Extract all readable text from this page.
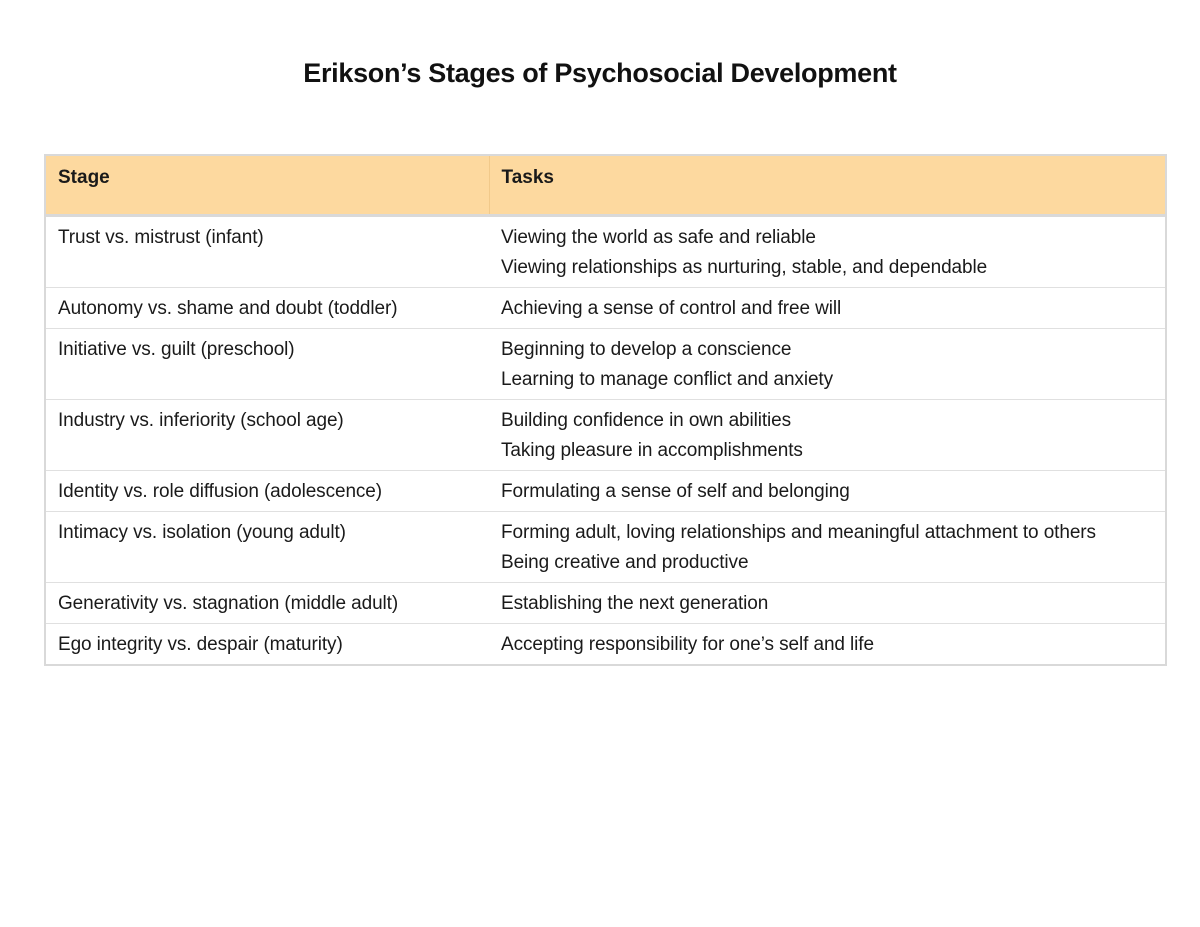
Erikson’s Stages of Psychosocial Development
Stage	Tasks
Trust vs. mistrust (infant)	Viewing the world as safe and reliable
Viewing relationships as nurturing, stable, and dependable

Autonomy vs. shame and doubt (toddler)	Achieving a sense of control and free will

Initiative vs. guilt (preschool)	Beginning to develop a conscience
Learning to manage conflict and anxiety

Industry vs. inferiority (school age)	Building confidence in own abilities
Taking pleasure in accomplishments

Identity vs. role diffusion (adolescence)	Formulating a sense of self and belonging

Intimacy vs. isolation (young adult)	Forming adult, loving relationships and meaningful attachment to others
Being creative and productive

Generativity vs. stagnation (middle adult)	Establishing the next generation

Ego integrity vs. despair (maturity)	Accepting responsibility for one’s self and life
